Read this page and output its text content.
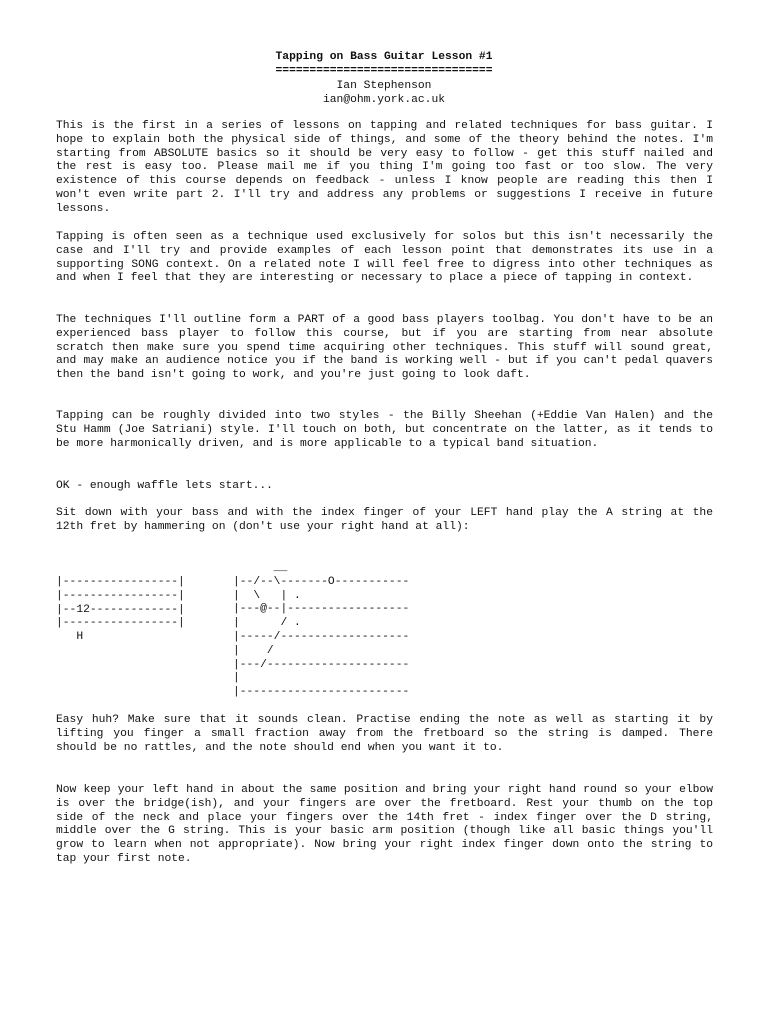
Tapping on Bass Guitar Lesson #1
================================
Ian Stephenson
ian@ohm.york.ac.uk

This is the first in a series of lessons on tapping and related techniques for bass guitar. I hope to explain both the physical side of things, and some of the theory behind the notes. I'm starting from ABSOLUTE basics so it should be very easy to follow - get this stuff nailed and the rest is easy too. Please mail me if you thing I'm going too fast or too slow. The very existence of this course depends on feedback - unless I know people are reading this then I won't even write part 2. I'll try and address any problems or suggestions I receive in future lessons.

Tapping is often seen as a technique used exclusively for solos but this isn't necessarily the case and I'll try and provide examples of each lesson point that demonstrates its use in a supporting SONG context. On a related note I will feel free to digress into other techniques as and when I feel that they are interesting or necessary to place a piece of tapping in context.

The techniques I'll outline form a PART of a good bass players toolbag. You don't have to be an experienced bass player to follow this course, but if you are starting from near absolute scratch then make sure you spend time acquiring other techniques. This stuff will sound great, and may make an audience notice you if the band is working well - but if you can't pedal quavers then the band isn't going to work, and you're just going to look daft.

Tapping can be roughly divided into two styles - the Billy Sheehan (+Eddie Van Halen) and the Stu Hamm (Joe Satriani) style. I'll touch on both, but concentrate on the latter, as it tends to be more harmonically driven, and is more applicable to a typical band situation.

OK - enough waffle lets start...

Sit down with your bass and with the index finger of your LEFT hand play the A string at the 12th fret by hammering on (don't use your right hand at all):

|-----------------|
|-----------------|
|--12-------------|
|-----------------|
H
__
|--/--\-------O-----------
|  \   | .
|---@--|------------------
|      / .
|-----/-------------------
|    /
|---/---------------------
|
|-------------------------

Easy huh? Make sure that it sounds clean. Practise ending the note as well as starting it by lifting you finger a small fraction away from the fretboard so the string is damped. There should be no rattles, and the note should end when you want it to.

Now keep your left hand in about the same position and bring your right hand round so your elbow is over the bridge(ish), and your fingers are over the fretboard. Rest your thumb on the top side of the neck and place your fingers over the 14th fret - index finger over the D string, middle over the G string. This is your basic arm position (though like all basic things you'll grow to learn when not appropriate). Now bring your right index finger down onto the string to tap your first note.
